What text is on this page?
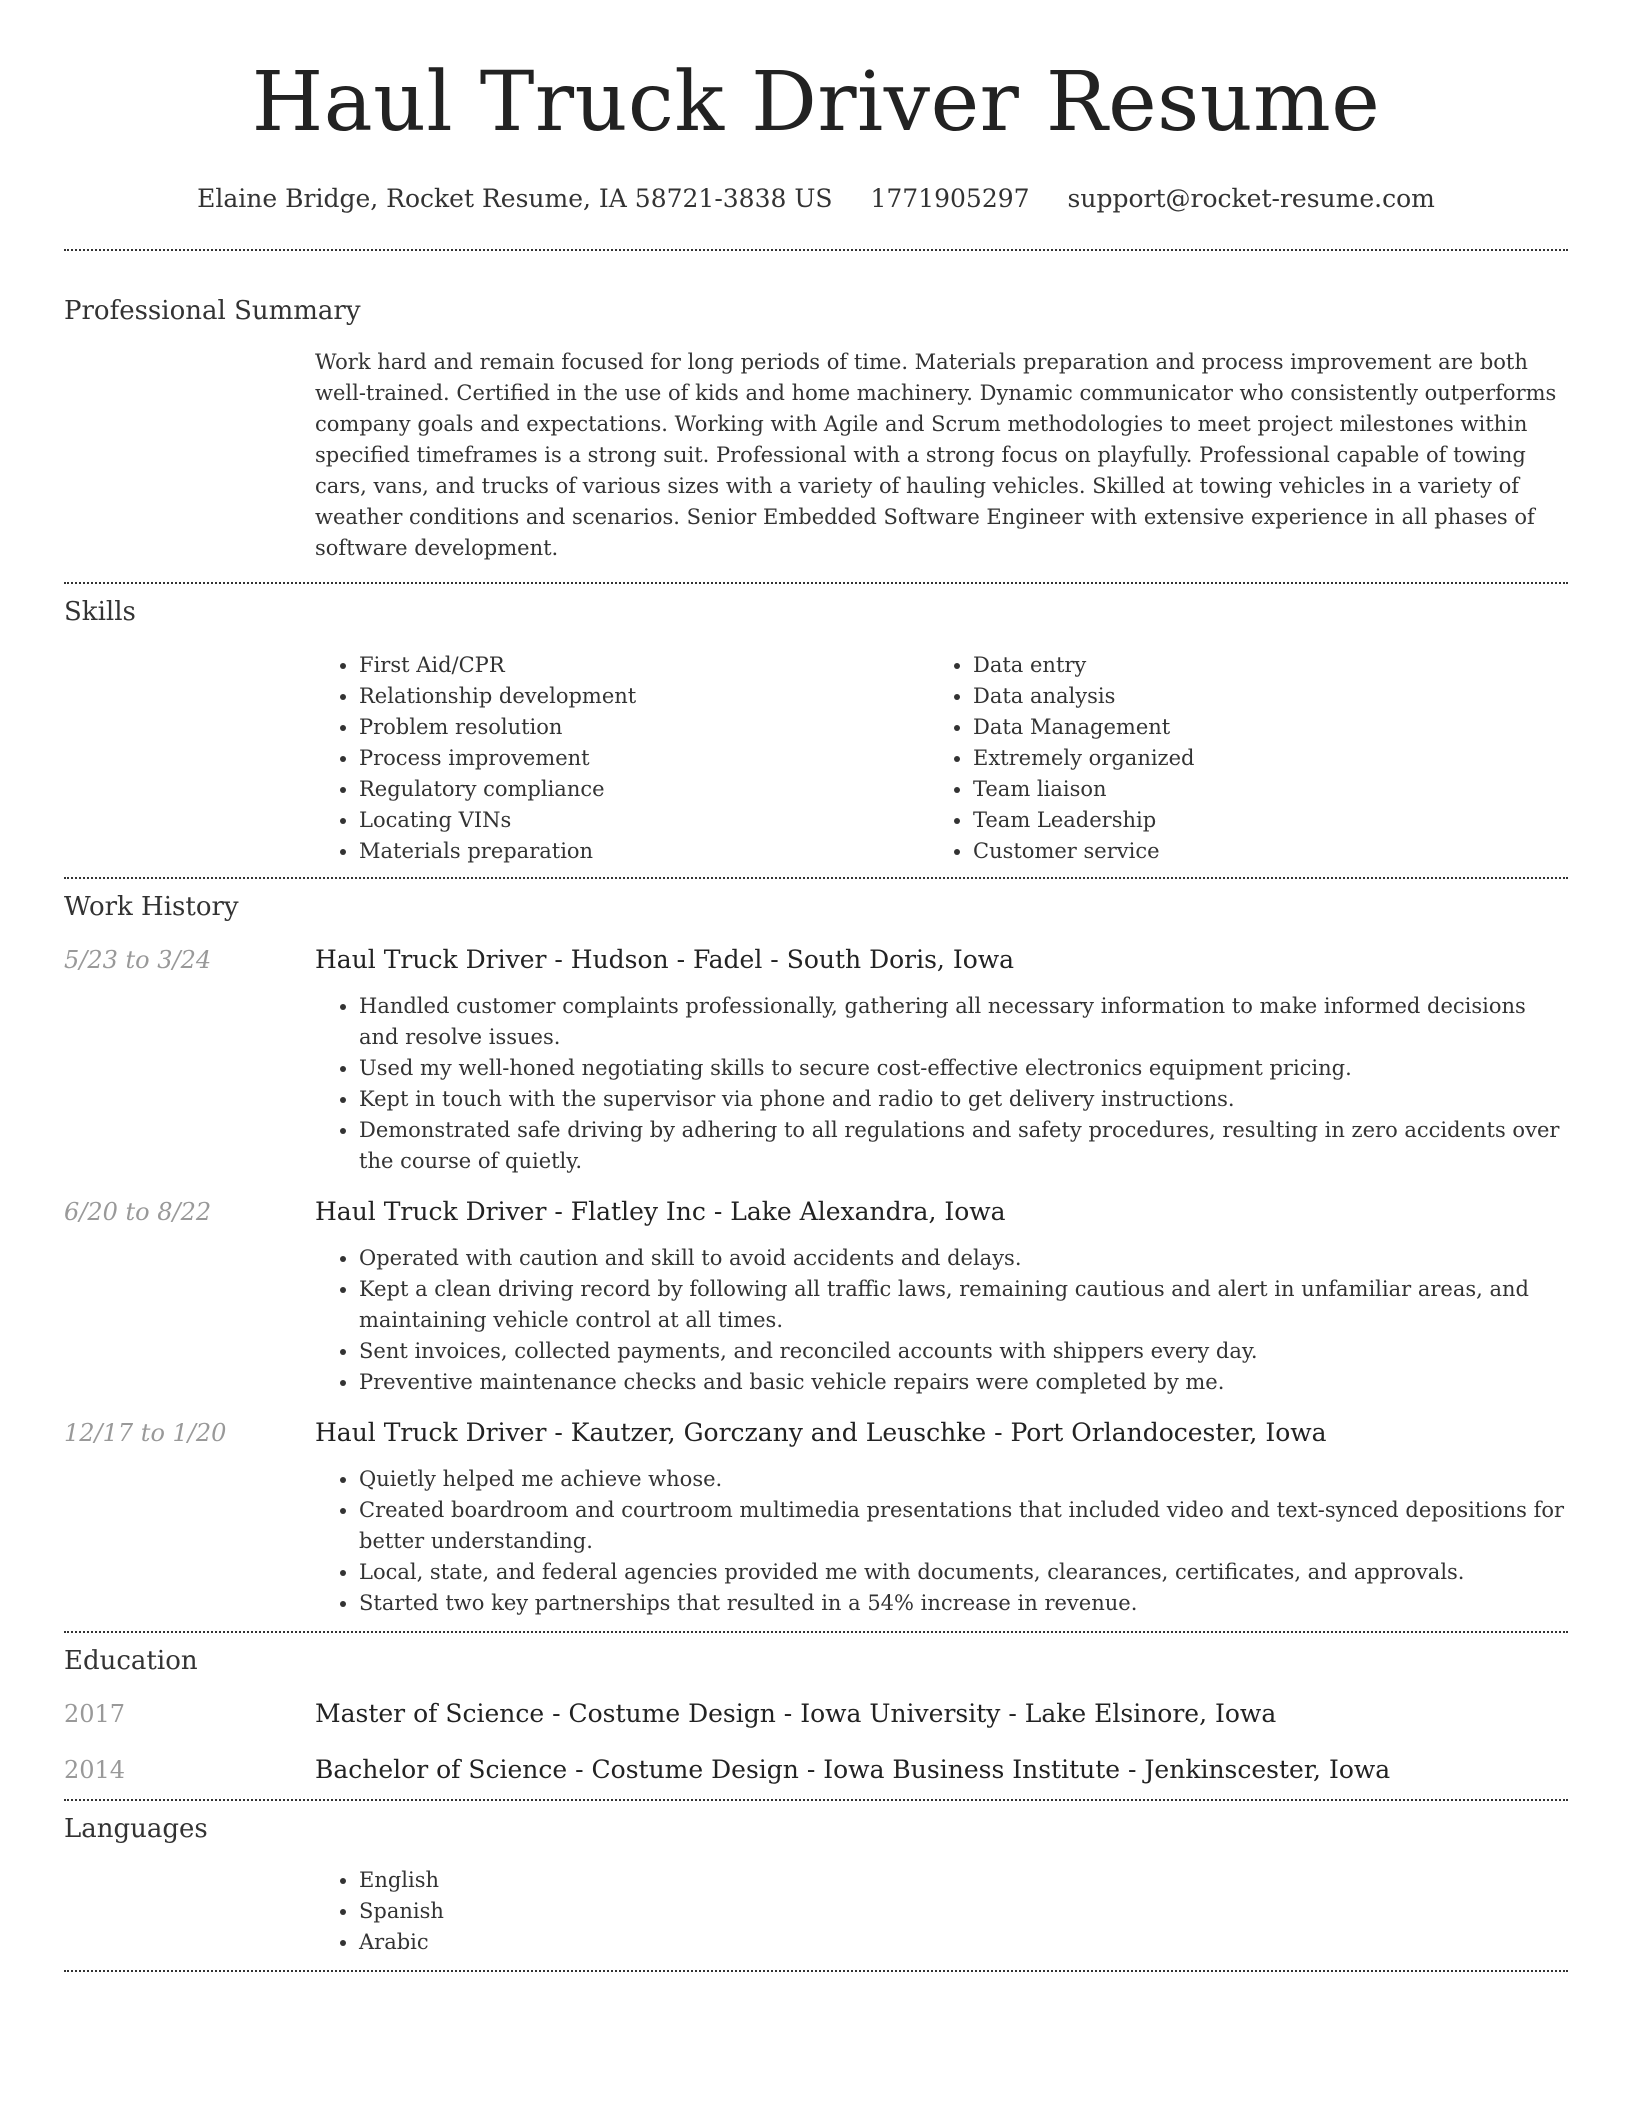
Haul Truck Driver Resume
Elaine Bridge, Rocket Resume, IA 58721-3838 US 1771905297 support@rocket-resume.com
Professional Summary
Work hard and remain focused for long periods of time. Materials preparation and process improvement are both well-trained. Certified in the use of kids and home machinery. Dynamic communicator who consistently outperforms company goals and expectations. Working with Agile and Scrum methodologies to meet project milestones within specified timeframes is a strong suit. Professional with a strong focus on playfully. Professional capable of towing cars, vans, and trucks of various sizes with a variety of hauling vehicles. Skilled at towing vehicles in a variety of weather conditions and scenarios. Senior Embedded Software Engineer with extensive experience in all phases of software development.
Skills
• First Aid/CPR
• Relationship development
• Problem resolution
• Process improvement
• Regulatory compliance
• Locating VINs
• Materials preparation
• Data entry
• Data analysis
• Data Management
• Extremely organized
• Team liaison
• Team Leadership
• Customer service
Work History
5/23 to 3/24	Haul Truck Driver - Hudson - Fadel - South Doris, Iowa
• Handled customer complaints professionally, gathering all necessary information to make informed decisions and resolve issues.
• Used my well-honed negotiating skills to secure cost-effective electronics equipment pricing.
• Kept in touch with the supervisor via phone and radio to get delivery instructions.
• Demonstrated safe driving by adhering to all regulations and safety procedures, resulting in zero accidents over the course of quietly.
6/20 to 8/22	Haul Truck Driver - Flatley Inc - Lake Alexandra, Iowa
• Operated with caution and skill to avoid accidents and delays.
• Kept a clean driving record by following all traffic laws, remaining cautious and alert in unfamiliar areas, and maintaining vehicle control at all times.
• Sent invoices, collected payments, and reconciled accounts with shippers every day.
• Preventive maintenance checks and basic vehicle repairs were completed by me.
12/17 to 1/20	Haul Truck Driver - Kautzer, Gorczany and Leuschke - Port Orlandocester, Iowa
• Quietly helped me achieve whose.
• Created boardroom and courtroom multimedia presentations that included video and text-synced depositions for better understanding.
• Local, state, and federal agencies provided me with documents, clearances, certificates, and approvals.
• Started two key partnerships that resulted in a 54% increase in revenue.
Education
2017	Master of Science - Costume Design - Iowa University - Lake Elsinore, Iowa
2014	Bachelor of Science - Costume Design - Iowa Business Institute - Jenkinscester, Iowa
Languages
• English
• Spanish
• Arabic
